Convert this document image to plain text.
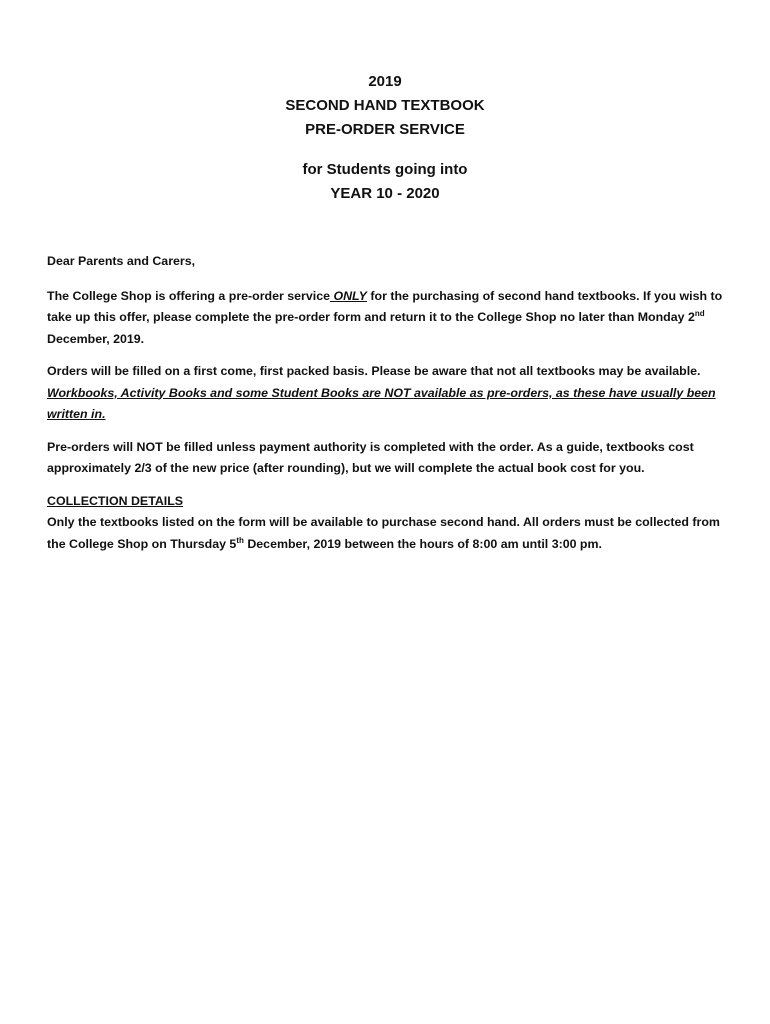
2019
SECOND HAND TEXTBOOK
PRE-ORDER SERVICE
for Students going into
YEAR 10 - 2020

Dear Parents and Carers,

The College Shop is offering a pre-order service ONLY for the purchasing of second hand textbooks. If you wish to take up this offer, please complete the pre-order form and return it to the College Shop no later than Monday 2nd December, 2019.

Orders will be filled on a first come, first packed basis. Please be aware that not all textbooks may be available. Workbooks, Activity Books and some Student Books are NOT available as pre-orders, as these have usually been written in.

Pre-orders will NOT be filled unless payment authority is completed with the order. As a guide, textbooks cost approximately 2/3 of the new price (after rounding), but we will complete the actual book cost for you.

COLLECTION DETAILS
Only the textbooks listed on the form will be available to purchase second hand. All orders must be collected from the College Shop on Thursday 5th December, 2019 between the hours of 8:00 am until 3:00 pm.
